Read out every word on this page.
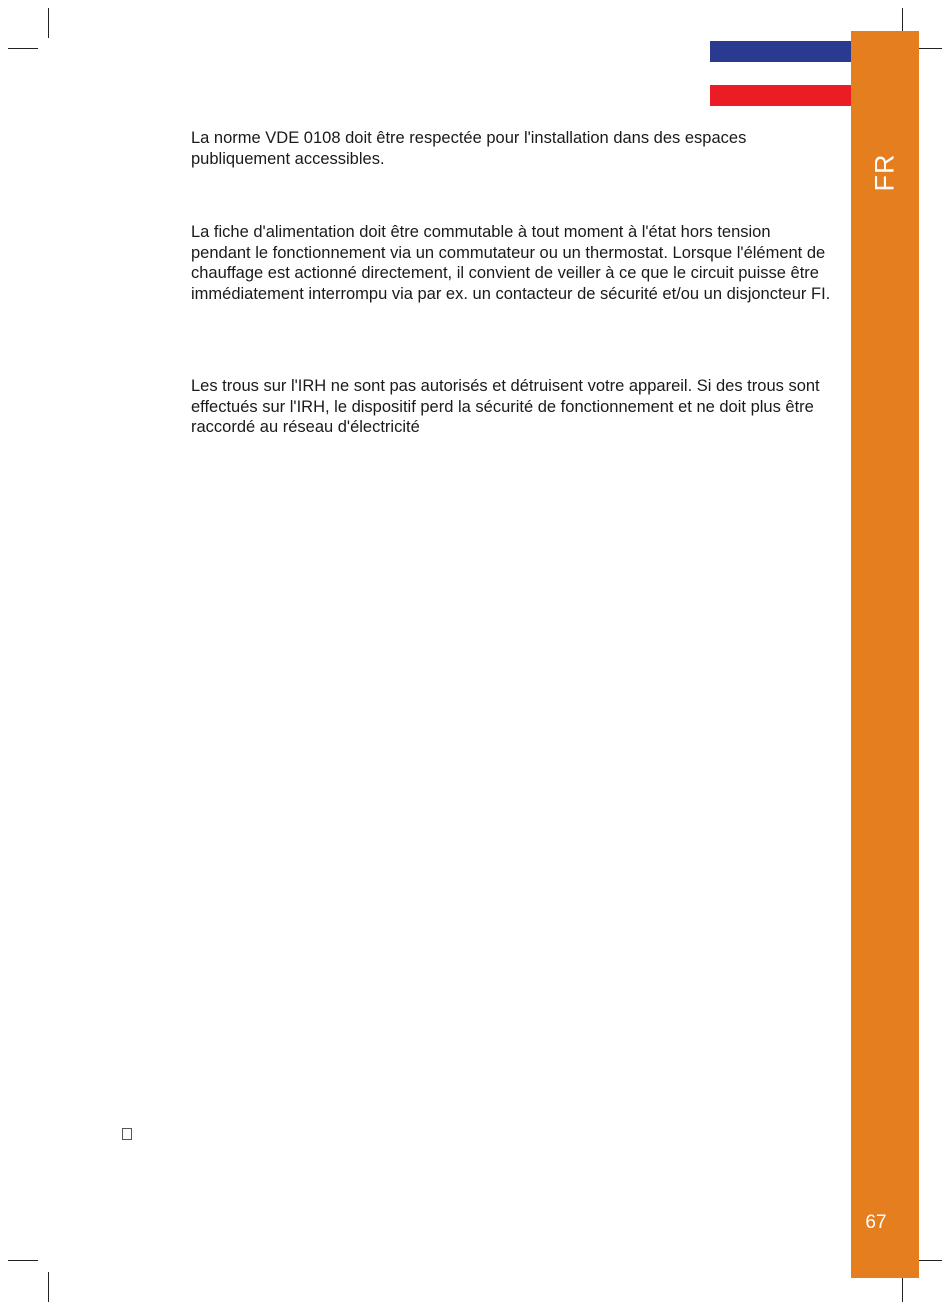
FR
67

La norme VDE 0108 doit être respectée pour l'installation dans des espaces publiquement accessibles.

La fiche d'alimentation doit être commutable à tout moment à l'état hors tension pendant le fonctionnement via un commutateur ou un thermostat. Lorsque l'élément de chauffage est actionné directement, il convient de veiller à ce que le circuit puisse être immédiatement interrompu via par ex. un contacteur de sécurité et/ou un disjoncteur FI.

Les trous sur l'IRH ne sont pas autorisés et détruisent votre appareil. Si des trous sont effectués sur l'IRH, le dispositif perd la sécurité de fonctionnement et ne doit plus être raccordé au réseau d'électricité
